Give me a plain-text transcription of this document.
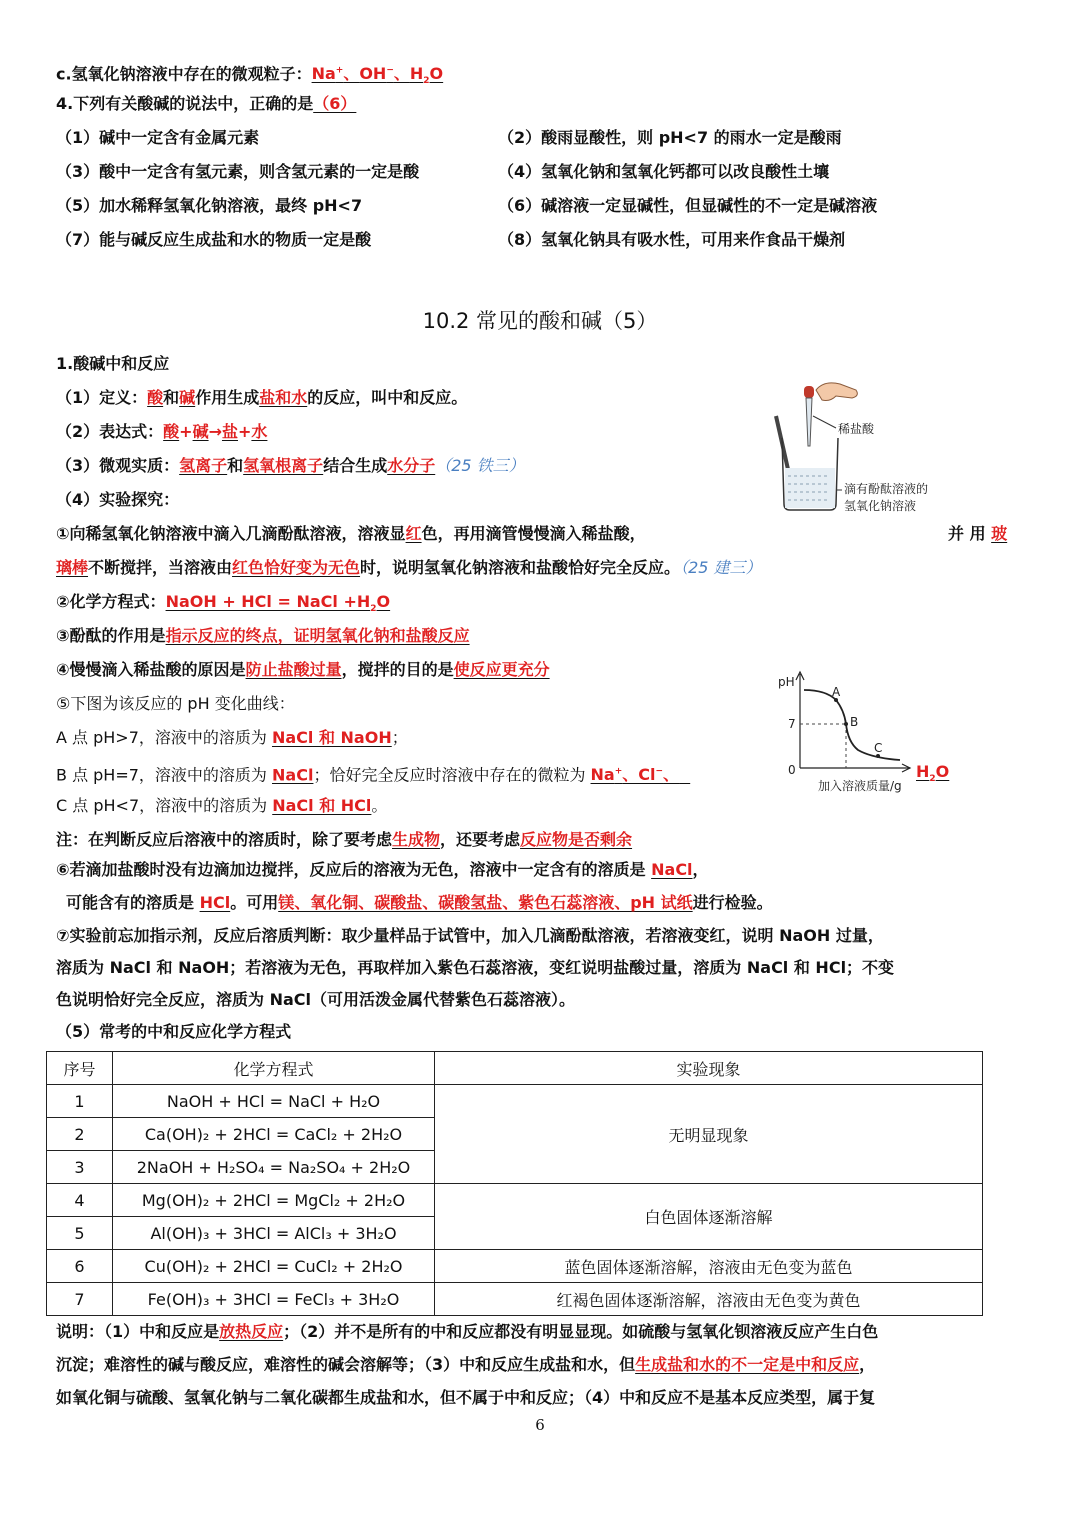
c.氢氧化钠溶液中存在的微观粒子：Na+、OH−、$H_2O$
4.下列有关酸碱的说法中，正确的是（6）
（1）碱中一定含有金属元素	（2）酸雨显酸性，则 pH<7 的雨水一定是酸雨
（3）酸中一定含有氢元素，则含氢元素的一定是酸	（4）氢氧化钠和氢氧化钙都可以改良酸性土壤
（5）加水稀释氢氧化钠溶液，最终 pH<7	（6）碱溶液一定显碱性，但显碱性的不一定是碱溶液
（7）能与碱反应生成盐和水的物质一定是酸	（8）氢氧化钠具有吸水性，可用来作食品干燥剂
10.2 常见的酸和碱（5）
1.酸碱中和反应
（1）定义：酸和碱作用生成盐和水的反应，叫中和反应。
（2）表达式：酸+碱→盐+水
（3）微观实质：氢离子和氢氧根离子结合生成水分子（25 铁三）
（4）实验探究：
①向稀氢氧化钠溶液中滴入几滴酚酞溶液，溶液显红色，再用滴管慢慢滴入稀盐酸，	并 用 玻
璃棒不断搅拌，当溶液由红色恰好变为无色时，说明氢氧化钠溶液和盐酸恰好完全反应。（25 建三）
②化学方程式：NaOH + HCl = NaCl $+H_2O$
③酚酞的作用是指示反应的终点，证明氢氧化钠和盐酸反应
④慢慢滴入稀盐酸的原因是防止盐酸过量，搅拌的目的是使反应更充分
⑤下图为该反应的 pH 变化曲线：
A 点 pH>7，溶液中的溶质为 NaCl 和 NaOH；
B 点 pH=7，溶液中的溶质为 NaCl；恰好完全反应时溶液中存在的微粒为 Na+、Cl−、	$H_2O$
C 点 pH<7，溶液中的溶质为 NaCl 和 HCl。
注：在判断反应后溶液中的溶质时，除了要考虑生成物，还要考虑反应物是否剩余
⑥若滴加盐酸时没有边滴加边搅拌，反应后的溶液为无色，溶液中一定含有的溶质是 NaCl，
可能含有的溶质是 HCl。可用镁、氧化铜、碳酸盐、碳酸氢盐、紫色石蕊溶液、pH 试纸进行检验。
⑦实验前忘加指示剂，反应后溶质判断：取少量样品于试管中，加入几滴酚酞溶液，若溶液变红，说明 NaOH 过量，
溶质为 NaCl 和 NaOH；若溶液为无色，再取样加入紫色石蕊溶液，变红说明盐酸过量，溶质为 NaCl 和 HCl；不变
色说明恰好完全反应，溶质为 NaCl（可用活泼金属代替紫色石蕊溶液）。
（5）常考的中和反应化学方程式
序号	化学方程式	实验现象
1	NaOH + HCl = NaCl + H₂O	无明显现象
2	Ca(OH)₂ + 2HCl = CaCl₂ + 2H₂O	
3	2NaOH + H₂SO₄ = Na₂SO₄ + 2H₂O	
4	Mg(OH)₂ + 2HCl = MgCl₂ + 2H₂O	白色固体逐渐溶解
5	Al(OH)₃ + 3HCl = AlCl₃ + 3H₂O	
6	Cu(OH)₂ + 2HCl = CuCl₂ + 2H₂O	蓝色固体逐渐溶解，溶液由无色变为蓝色
7	Fe(OH)₃ + 3HCl = FeCl₃ + 3H₂O	红褐色固体逐渐溶解，溶液由无色变为黄色
说明：（1）中和反应是放热反应；（2）并不是所有的中和反应都没有明显显现。如硫酸与氢氧化钡溶液反应产生白色
沉淀；难溶性的碱与酸反应，难溶性的碱会溶解等；（3）中和反应生成盐和水，但生成盐和水的不一定是中和反应，
如氧化铜与硫酸、氢氧化钠与二氧化碳都生成盐和水，但不属于中和反应；（4）中和反应不是基本反应类型，属于复
6
稀盐酸
滴有酚酞溶液的
氢氧化钠溶液
pH
7
0
A
B
C
加入溶液质量/g
